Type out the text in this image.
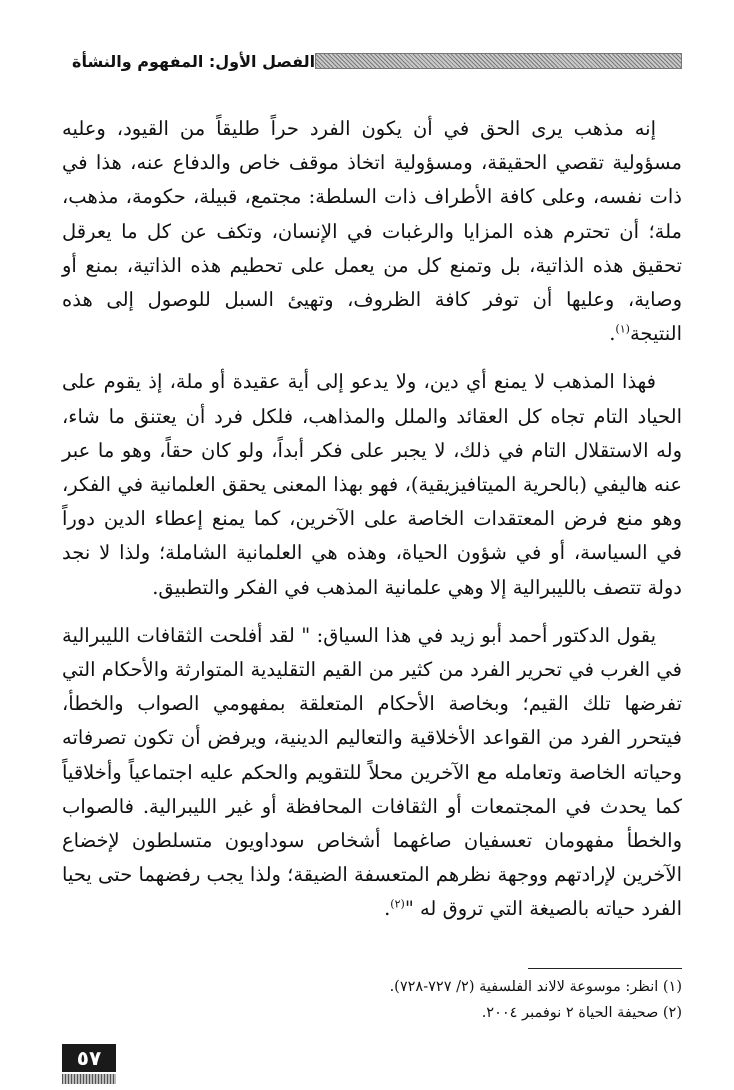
الفصل الأول: المفهوم والنشأة

إنه مذهب يرى الحق في أن يكون الفرد حراً طليقاً من القيود، وعليه مسؤولية تقصي الحقيقة، ومسؤولية اتخاذ موقف خاص والدفاع عنه، هذا في ذات نفسه، وعلى كافة الأطراف ذات السلطة: مجتمع، قبيلة، حكومة، مذهب، ملة؛ أن تحترم هذه المزايا والرغبات في الإنسان، وتكف عن كل ما يعرقل تحقيق هذه الذاتية، بل وتمنع كل من يعمل على تحطيم هذه الذاتية، بمنع أو وصاية، وعليها أن توفر كافة الظروف، وتهيئ السبل للوصول إلى هذه النتيجة$^{(١)}$.

فهذا المذهب لا يمنع أي دين، ولا يدعو إلى أية عقيدة أو ملة، إذ يقوم على الحياد التام تجاه كل العقائد والملل والمذاهب، فلكل فرد أن يعتنق ما شاء، وله الاستقلال التام في ذلك، لا يجبر على فكر أبداً، ولو كان حقاً، وهو ما عبر عنه هاليفي (بالحرية الميتافيزيقية)، فهو بهذا المعنى يحقق العلمانية في الفكر، وهو منع فرض المعتقدات الخاصة على الآخرين، كما يمنع إعطاء الدين دوراً في السياسة، أو في شؤون الحياة، وهذه هي العلمانية الشاملة؛ ولذا لا نجد دولة تتصف بالليبرالية إلا وهي علمانية المذهب في الفكر والتطبيق.

يقول الدكتور أحمد أبو زيد في هذا السياق: " لقد أفلحت الثقافات الليبرالية في الغرب في تحرير الفرد من كثير من القيم التقليدية المتوارثة والأحكام التي تفرضها تلك القيم؛ وبخاصة الأحكام المتعلقة بمفهومي الصواب والخطأ، فيتحرر الفرد من القواعد الأخلاقية والتعاليم الدينية، ويرفض أن تكون تصرفاته وحياته الخاصة وتعامله مع الآخرين محلاً للتقويم والحكم عليه اجتماعياً وأخلاقياً كما يحدث في المجتمعات أو الثقافات المحافظة أو غير الليبرالية. فالصواب والخطأ مفهومان تعسفيان صاغهما أشخاص سوداويون متسلطون لإخضاع الآخرين لإرادتهم ووجهة نظرهم المتعسفة الضيقة؛ ولذا يجب رفضهما حتى يحيا الفرد حياته بالصيغة التي تروق له "$^{(٢)}$.

(١) انظر: موسوعة لالاند الفلسفية (٢/ ٧٢٧-٧٢٨).

(٢) صحيفة الحياة ٢ نوفمبر ٢٠٠٤.

٥٧
